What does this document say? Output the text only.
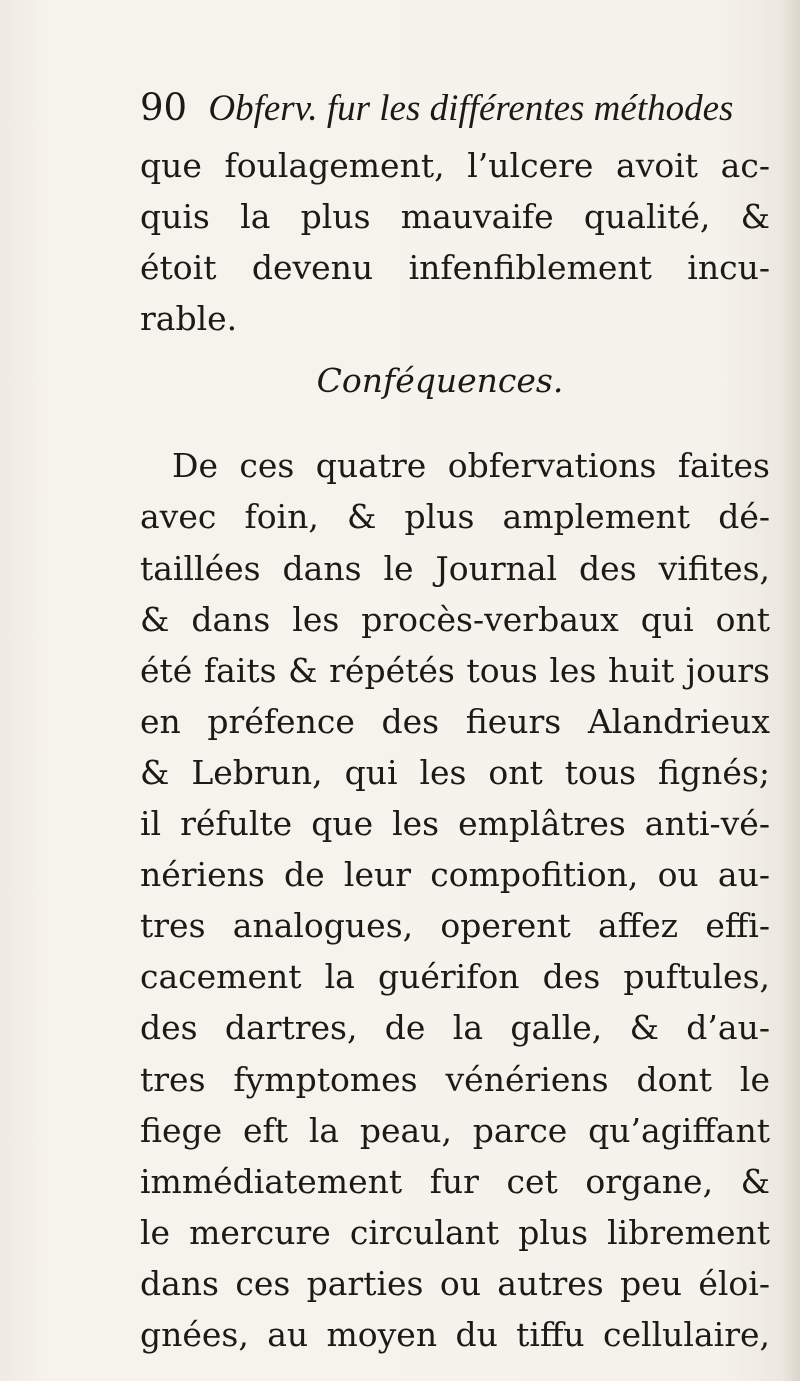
90 Obferv. fur les différentes méthodes
que foulagement, l’ulcere avoit ac-
quis la plus mauvaife qualité, &
étoit devenu infenfiblement incu-
rable.
Conféquences.
De ces quatre obfervations faites
avec foin, & plus amplement dé-
taillées dans le Journal des vifites,
& dans les procès-verbaux qui ont
été faits & répétés tous les huit jours
en préfence des fieurs Alandrieux
& Lebrun, qui les ont tous fignés;
il réfulte que les emplâtres anti-vé-
nériens de leur compofition, ou au-
tres analogues, operent affez effi-
cacement la guérifon des puftules,
des dartres, de la galle, & d’au-
tres fymptomes vénériens dont le
fiege eft la peau, parce qu’agiffant
immédiatement fur cet organe, &
le mercure circulant plus librement
dans ces parties ou autres peu éloi-
gnées, au moyen du tiffu cellulaire,
